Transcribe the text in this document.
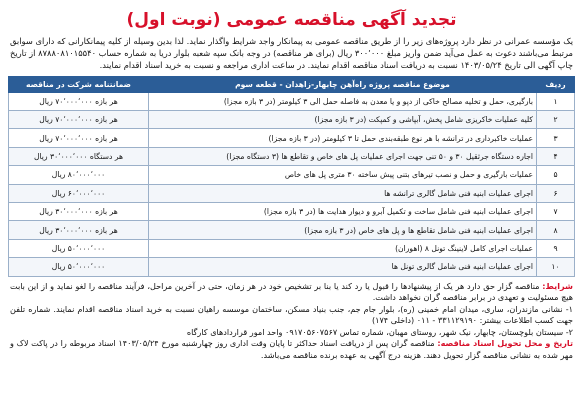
تجدید آگهی مناقصه عمومی (نوبت اول)
یک مؤسسه عمرانی در نظر دارد پروژه‌های زیر را از طریق مناقصه عمومی به پیمانکار واجد شرایط واگذار نماید. لذا بدین وسیله از کلیه پیمانکارانی که دارای سوابق مرتبط می‌باشند دعوت به عمل می‌آید ضمن واریز مبلغ ۳۰۰٬۰۰۰ ریال (برای هر مناقصه) در وجه بانک سپه شعبه بلوار دریا به شماره حساب ۸۷۸۸۰۸۱۰۱۵۵۴۰ از تاریخ چاپ آگهی الی تاریخ ۱۴۰۳/۰۵/۲۴ نسبت به دریافت اسناد مناقصه اقدام نمایند. در ساعت اداری مراجعه و نسبت به خرید اسناد اقدام نمایند.
ردیف	موضوع مناقصه پروژه راه‌آهن چابهار-زاهدان - قطعه سوم	ضمانتنامه شرکت در مناقصه
۱	بارگیری، حمل و تخلیه مصالح خاکی از دپو و یا معدن به فاصله حمل الی ۳ کیلومتر (در ۳ بازه مجزا)	هر بازه ۷۰٬۰۰۰٬۰۰۰ ریال
۲	کلیه عملیات خاکریزی شامل پخش، آبپاشی و کمپکت (در ۳ بازه مجزا)	هر بازه ۷۰٬۰۰۰٬۰۰۰ ریال
۳	عملیات خاکبرداری در ترانشه با هر نوع طبقه‌بندی حمل تا ۳ کیلومتر (در ۳ بازه مجزا)	هر بازه ۷۰٬۰۰۰٬۰۰۰ ریال
۴	اجاره دستگاه جرثقیل ۳۰ و ۵۰ تنی جهت اجرای عملیات پل های خاص و تقاطع ها (۳ دستگاه مجزا)	هر دستگاه ۳۰٬۰۰۰٬۰۰۰ ریال
۵	عملیات بارگیری و حمل و نصب تیرهای بتنی پیش ساخته ۳۰ متری پل های خاص	۸۰٬۰۰۰٬۰۰۰ ریال
۶	اجرای عملیات ابنیه فنی شامل گالری ترانشه ها	۶۰٬۰۰۰٬۰۰۰ ریال
۷	اجرای عملیات ابنیه فنی شامل ساخت و تکمیل آبرو و دیوار هدایت ها (در ۳ بازه مجزا)	هر بازه ۳۰٬۰۰۰٬۰۰۰ ریال
۸	اجرای عملیات ابنیه فنی شامل تقاطع ها و پل های خاص (در ۳ بازه مجزا)	هر بازه ۳۰٬۰۰۰٬۰۰۰ ریال
۹	عملیات اجرای کامل لاینینگ تونل ۸ (اهوران)	۵۰٬۰۰۰٬۰۰۰ ریال
۱۰	اجرای عملیات ابنیه فنی شامل گالری تونل ها	۵۰٬۰۰۰٬۰۰۰ ریال
شرایط: مناقصه گزار حق دارد هر یک از پیشنهادها را قبول یا رد کند یا بنا بر تشخیص خود در هر زمان، حتی در آخرین مراحل، فرآیند مناقصه را لغو نماید و از این بابت هیچ مسئولیت و تعهدی در برابر مناقصه گران نخواهد داشت.
۱- نشانی مازندران، ساری، میدان امام خمینی (ره)، بلوار جام جم، جنب بنیاد مسکن، ساختمان موسسه راهیان نسبت به خرید اسناد مناقصه اقدام نمایند. شماره تلفن جهت کسب اطلاعات بیشتر: ۳۳۱۱۲۹۱۹۰ - ۰۱۱ (داخلی ۱۷۴)
۲- سیستان بلوچستان، چابهار، نیک شهر، روستای مهبان، شماره تماس ۰۹۱۷۰۵۶۰۷۵۶۷ واحد امور قراردادهای کارگاه
تاریخ و محل تحویل اسناد مناقصه: مناقصه گران پس از دریافت اسناد حداکثر تا پایان وقت اداری روز چهارشنبه مورخ ۱۴۰۳/۰۵/۲۴ اسناد مربوطه را در پاکت لاک و مهر شده به نشانی مناقصه گزار تحویل دهند. هزینه درج آگهی به عهده برنده مناقصه می‌باشد.
